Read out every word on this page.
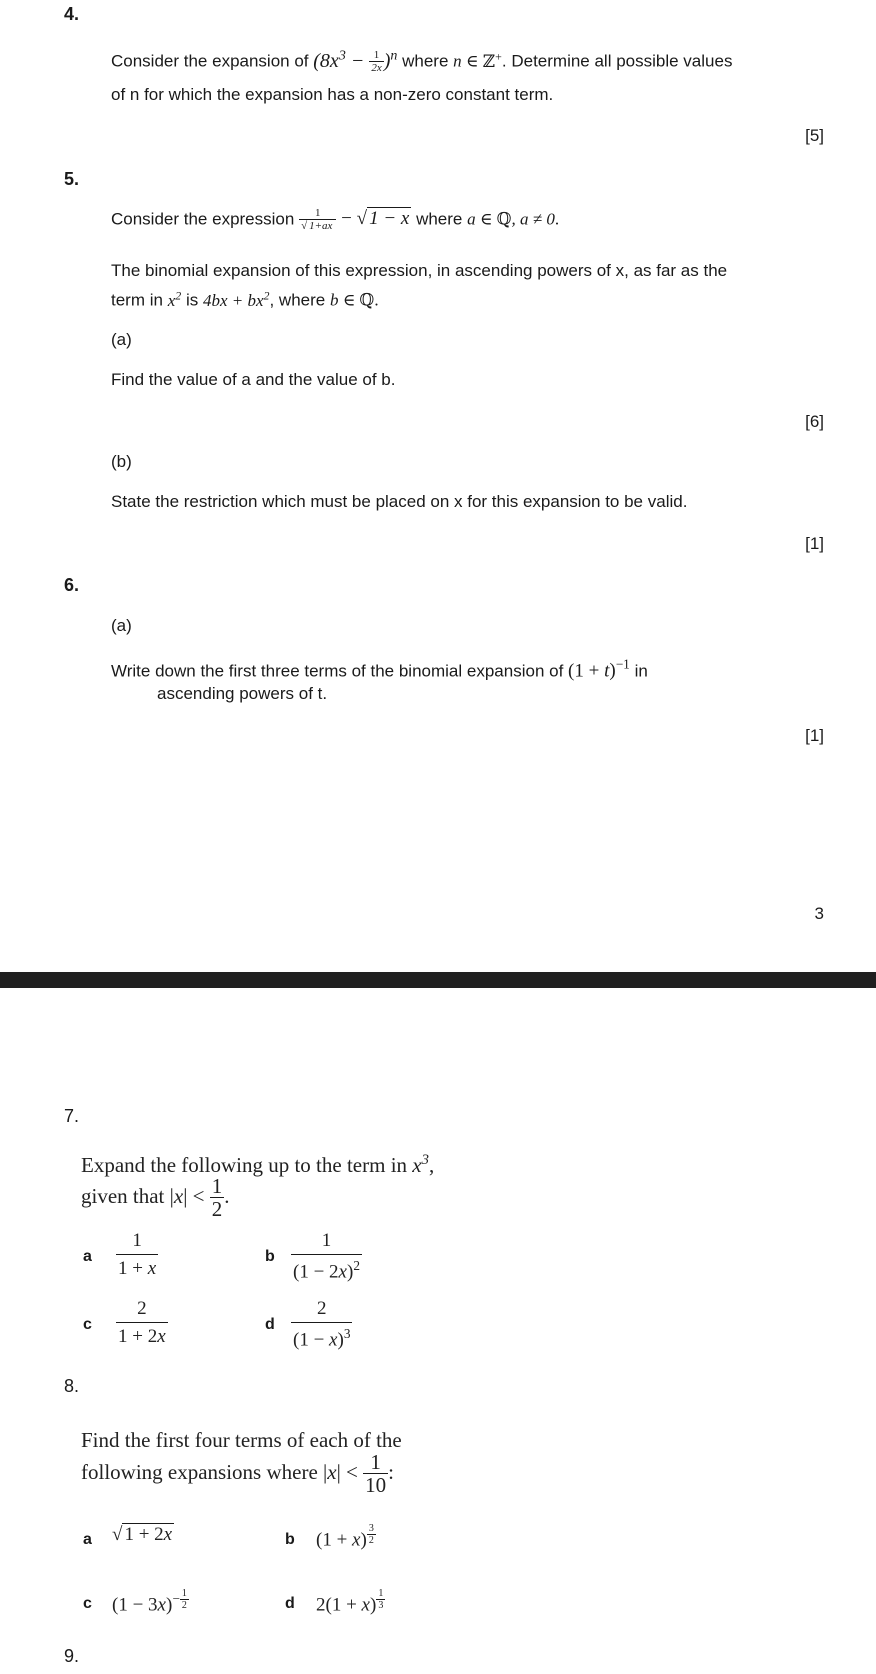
4.
Consider the expansion of $(8x^3 - \frac{1}{2x} )^n$ where n ∈ ℤ+. Determine all possible values
of n for which the expansion has a non-zero constant term.
[5]
5.
Consider the expression $\frac{1}{√ 1+ax}$ − √ 1 − x where a ∈ ℚ, a ≠ 0.
The binomial expansion of this expression, in ascending powers of x, as far as the
term in $x^2$ is $4bx + bx^2$, where b ∈ ℚ.
(a)
Find the value of a and the value of b.
[6]
(b)
State the restriction which must be placed on x for this expansion to be valid.
[1]
6.
(a)
Write down the first three terms of the binomial expansion of $(1 + t)^{-1}$ in
ascending powers of t.
[1]
3
7.
Expand the following up to the term in $x^3$,
given that $|x| < \frac{1}{2}$ .
a $\frac{1}{1 + x}$	b $\frac{1}{(1 - 2x)^2}$
c $\frac{2}{1 + 2x}$	d $\frac{2}{(1 - x)^3}$
8.
Find the first four terms of each of the
following expansions where $|x| < \frac{1}{10}$ :
a √ 1 + 2x	b (1 + x) $^{\frac{3}{2}}$
c $(1 - 3x)^{- \frac{1}{2}}$	d 2(1 + x) $^{\frac{1}{3}}$
9.
